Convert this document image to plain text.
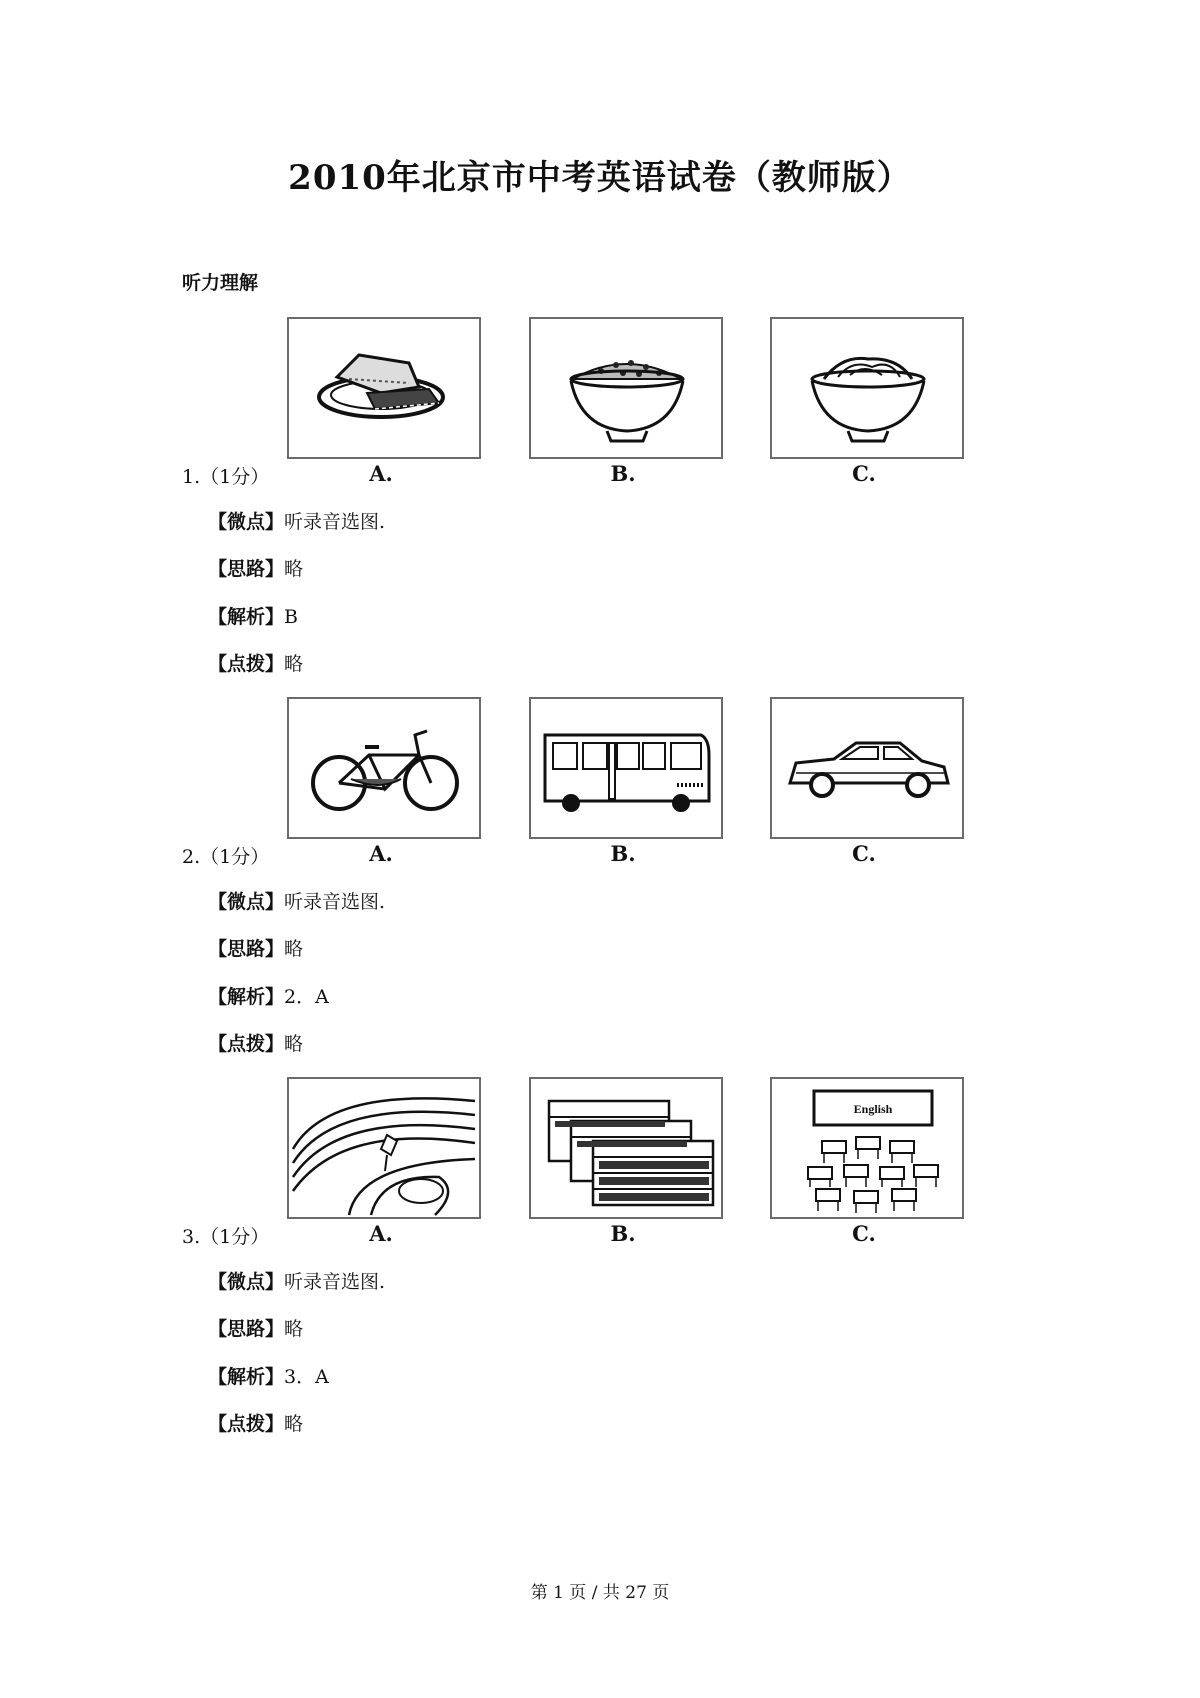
2010年北京市中考英语试卷（教师版）
听力理解
A.	B.	C.
1.（1分）
【微点】听录音选图.
【思路】略
【解析】B
【点拨】略
A.	B.	C.
2.（1分）
【微点】听录音选图.
【思路】略
【解析】2．A
【点拨】略
English
A.	B.	C.
3.（1分）
【微点】听录音选图.
【思路】略
【解析】3．A
【点拨】略
第 1 页 / 共 27 页
